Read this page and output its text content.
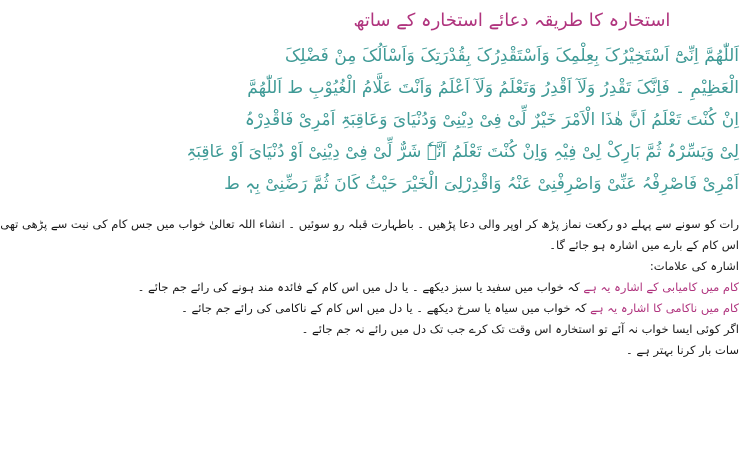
استخارہ کا طریقہ دعائے استخارہ کے ساتھ
اَللّٰھُمَّ اِنِّیْٓ اَسْتَخِیْرُکَ بِعِلْمِکَ وَاَسْتَقْدِرُکَ بِقُدْرَتِکَ وَاَسْاَلُکَ مِنْ فَضْلِکَ
الْعَظِیْمِ ۔ فَاِنَّکَ تَقْدِرُ وَلَآ اَقْدِرُ وَتَعْلَمُ وَلَآ اَعْلَمُ وَاَنْتَ عَلَّامُ الْغُیُوْبِ ط اَللّٰھُمَّ
اِنْ کُنْتَ تَعْلَمُ اَنَّ ھٰذَا الْاَمْرَ خَیْرٌ لِّیْ فِیْ دِیْنِیْ وَدُنْیَایَ وَعَاقِبَۃِ اَمْرِیْ فَاقْدِرْہُ
لِیْ وَیَسِّرْہُ ثُمَّ بَارِکْ لِیْ فِیْہِ وَاِنْ کُنْتَ تَعْلَمُ اَنَّہٗ شَرٌّ لِّیْ فِیْ دِیْنِیْ اَوْ دُنْیَایَ اَوْ عَاقِبَۃِ
اَمْرِیْ فَاصْرِفْہُ عَنِّیْ وَاصْرِفْنِیْ عَنْہُ وَاقْدِرْلِیَ الْخَیْرَ حَیْثُ کَانَ ثُمَّ رَضِّنِیْ بِہٖ ط
رات کو سونے سے پہلے دو رکعت نماز پڑھ کر اوپر والی دعا پڑھیں ۔ باطہارت قبلہ رو سوئیں ۔ انشاء اللہ تعالیٰ خواب میں جس کام کی نیت سے پڑھی تھی
اس کام کے بارے میں اشارہ ہو جائے گا۔
اشارہ کی علامات:
کام میں کامیابی کے اشارہ یہ ہے کہ خواب میں سفید یا سبز دیکھے ۔ یا دل میں اس کام کے فائدہ مند ہونے کی رائے جم جائے ۔
کام میں ناکامی کا اشارہ یہ ہے کہ خواب میں سیاہ یا سرخ دیکھے ۔ یا دل میں اس کام کے ناکامی کی رائے جم جائے ۔
اگر کوئی ایسا خواب نہ آئے تو استخارہ اس وقت تک کرے جب تک دل میں رائے نہ جم جائے ۔
سات بار کرنا بہتر ہے ۔
